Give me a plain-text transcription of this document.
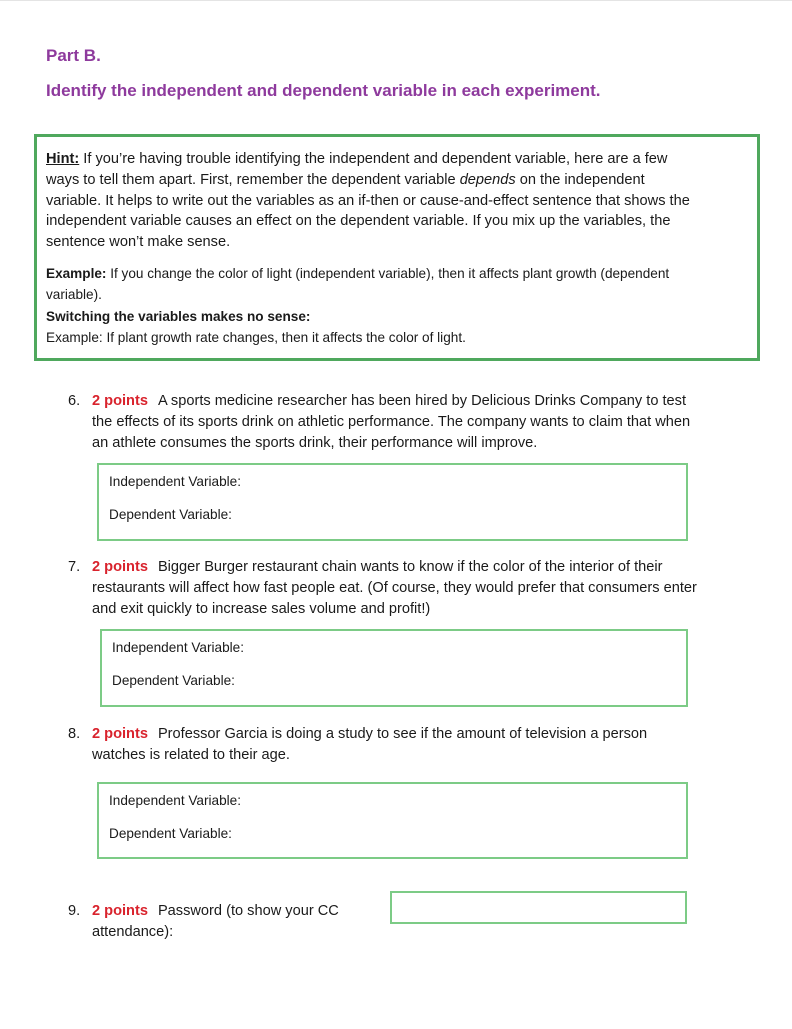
Part B.
Identify the independent and dependent variable in each experiment.

Hint: If you’re having trouble identifying the independent and dependent variable, here are a few
ways to tell them apart. First, remember the dependent variable depends on the independent
variable. It helps to write out the variables as an if-then or cause-and-effect sentence that shows the
independent variable causes an effect on the dependent variable. If you mix up the variables, the
sentence won’t make sense.

Example: If you change the color of light (independent variable), then it affects plant growth (dependent
variable).

Switching the variables makes no sense:

Example: If plant growth rate changes, then it affects the color of light.

6. 2 points A sports medicine researcher has been hired by Delicious Drinks Company to test
the effects of its sports drink on athletic performance. The company wants to claim that when
an athlete consumes the sports drink, their performance will improve.
Independent Variable:
Dependent Variable:
7. 2 points Bigger Burger restaurant chain wants to know if the color of the interior of their
restaurants will affect how fast people eat. (Of course, they would prefer that consumers enter
and exit quickly to increase sales volume and profit!)
Independent Variable:
Dependent Variable:
8. 2 points Professor Garcia is doing a study to see if the amount of television a person
watches is related to their age.
Independent Variable:
Dependent Variable:
9. 2 points Password (to show your CC
attendance):
